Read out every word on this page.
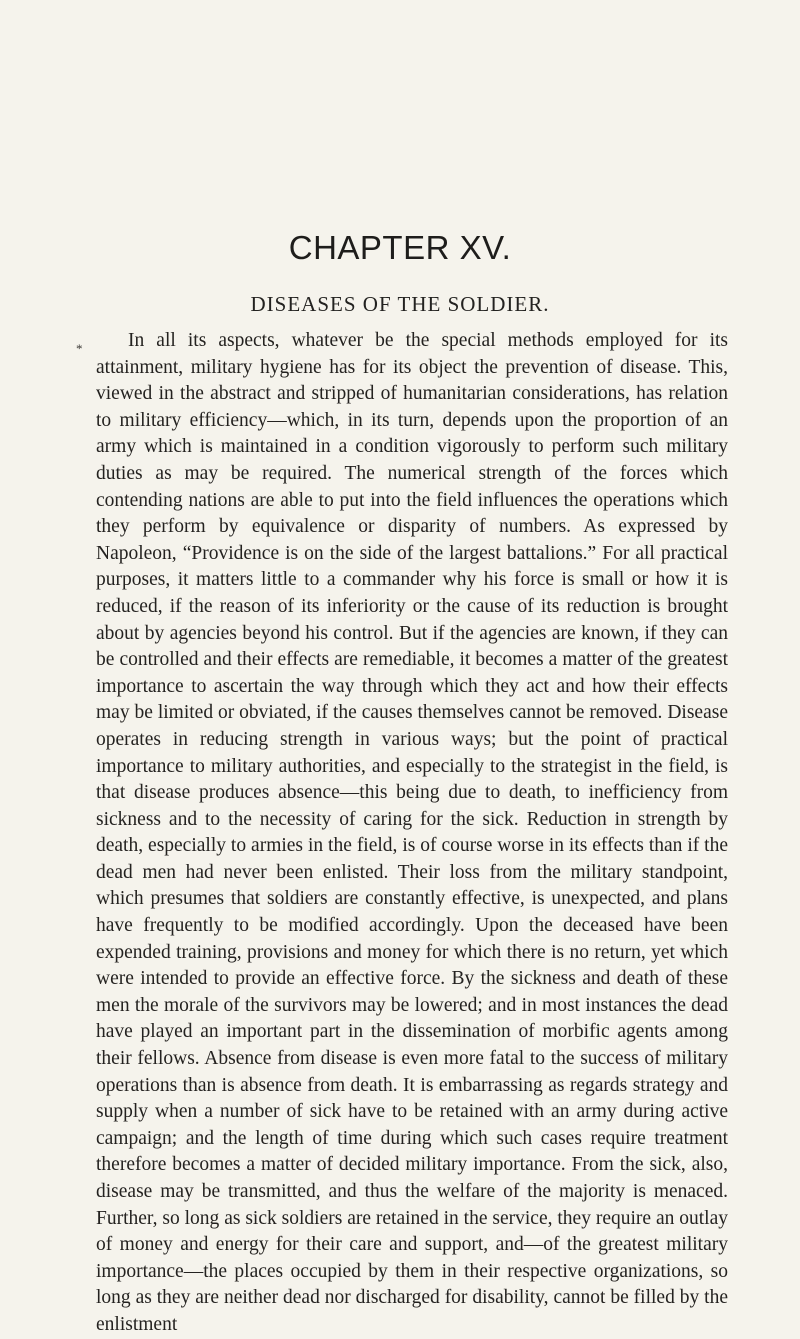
CHAPTER XV.
DISEASES OF THE SOLDIER.
*	In all its aspects, whatever be the special methods employed for its attainment, military hygiene has for its object the prevention of disease. This, viewed in the abstract and stripped of humanitarian considerations, has relation to military efficiency—which, in its turn, depends upon the proportion of an army which is maintained in a condition vigorously to perform such military duties as may be required. The numerical strength of the forces which contending nations are able to put into the field influences the operations which they perform by equivalence or disparity of numbers. As expressed by Napoleon, “Providence is on the side of the largest battalions.” For all practical purposes, it matters little to a commander why his force is small or how it is reduced, if the reason of its inferiority or the cause of its reduction is brought about by agencies beyond his control. But if the agencies are known, if they can be controlled and their effects are remediable, it becomes a matter of the greatest importance to ascertain the way through which they act and how their effects may be limited or obviated, if the causes themselves cannot be removed. Disease operates in reducing strength in various ways; but the point of practical importance to military authorities, and especially to the strategist in the field, is that disease produces absence—this being due to death, to inefficiency from sickness and to the necessity of caring for the sick. Reduction in strength by death, especially to armies in the field, is of course worse in its effects than if the dead men had never been enlisted. Their loss from the military standpoint, which presumes that soldiers are constantly effective, is unexpected, and plans have frequently to be modified accordingly. Upon the deceased have been expended training, provisions and money for which there is no return, yet which were intended to provide an effective force. By the sickness and death of these men the morale of the survivors may be lowered; and in most instances the dead have played an important part in the dissemination of morbific agents among their fellows. Absence from disease is even more fatal to the success of military operations than is absence from death. It is embarrassing as regards strategy and supply when a number of sick have to be retained with an army during active campaign; and the length of time during which such cases require treatment therefore becomes a matter of decided military importance. From the sick, also, disease may be transmitted, and thus the welfare of the majority is menaced. Further, so long as sick soldiers are retained in the service, they require an outlay of money and energy for their care and support, and—of the greatest military importance—the places occupied by them in their respective organizations, so long as they are neither dead nor discharged for disability, cannot be filled by the enlistment
